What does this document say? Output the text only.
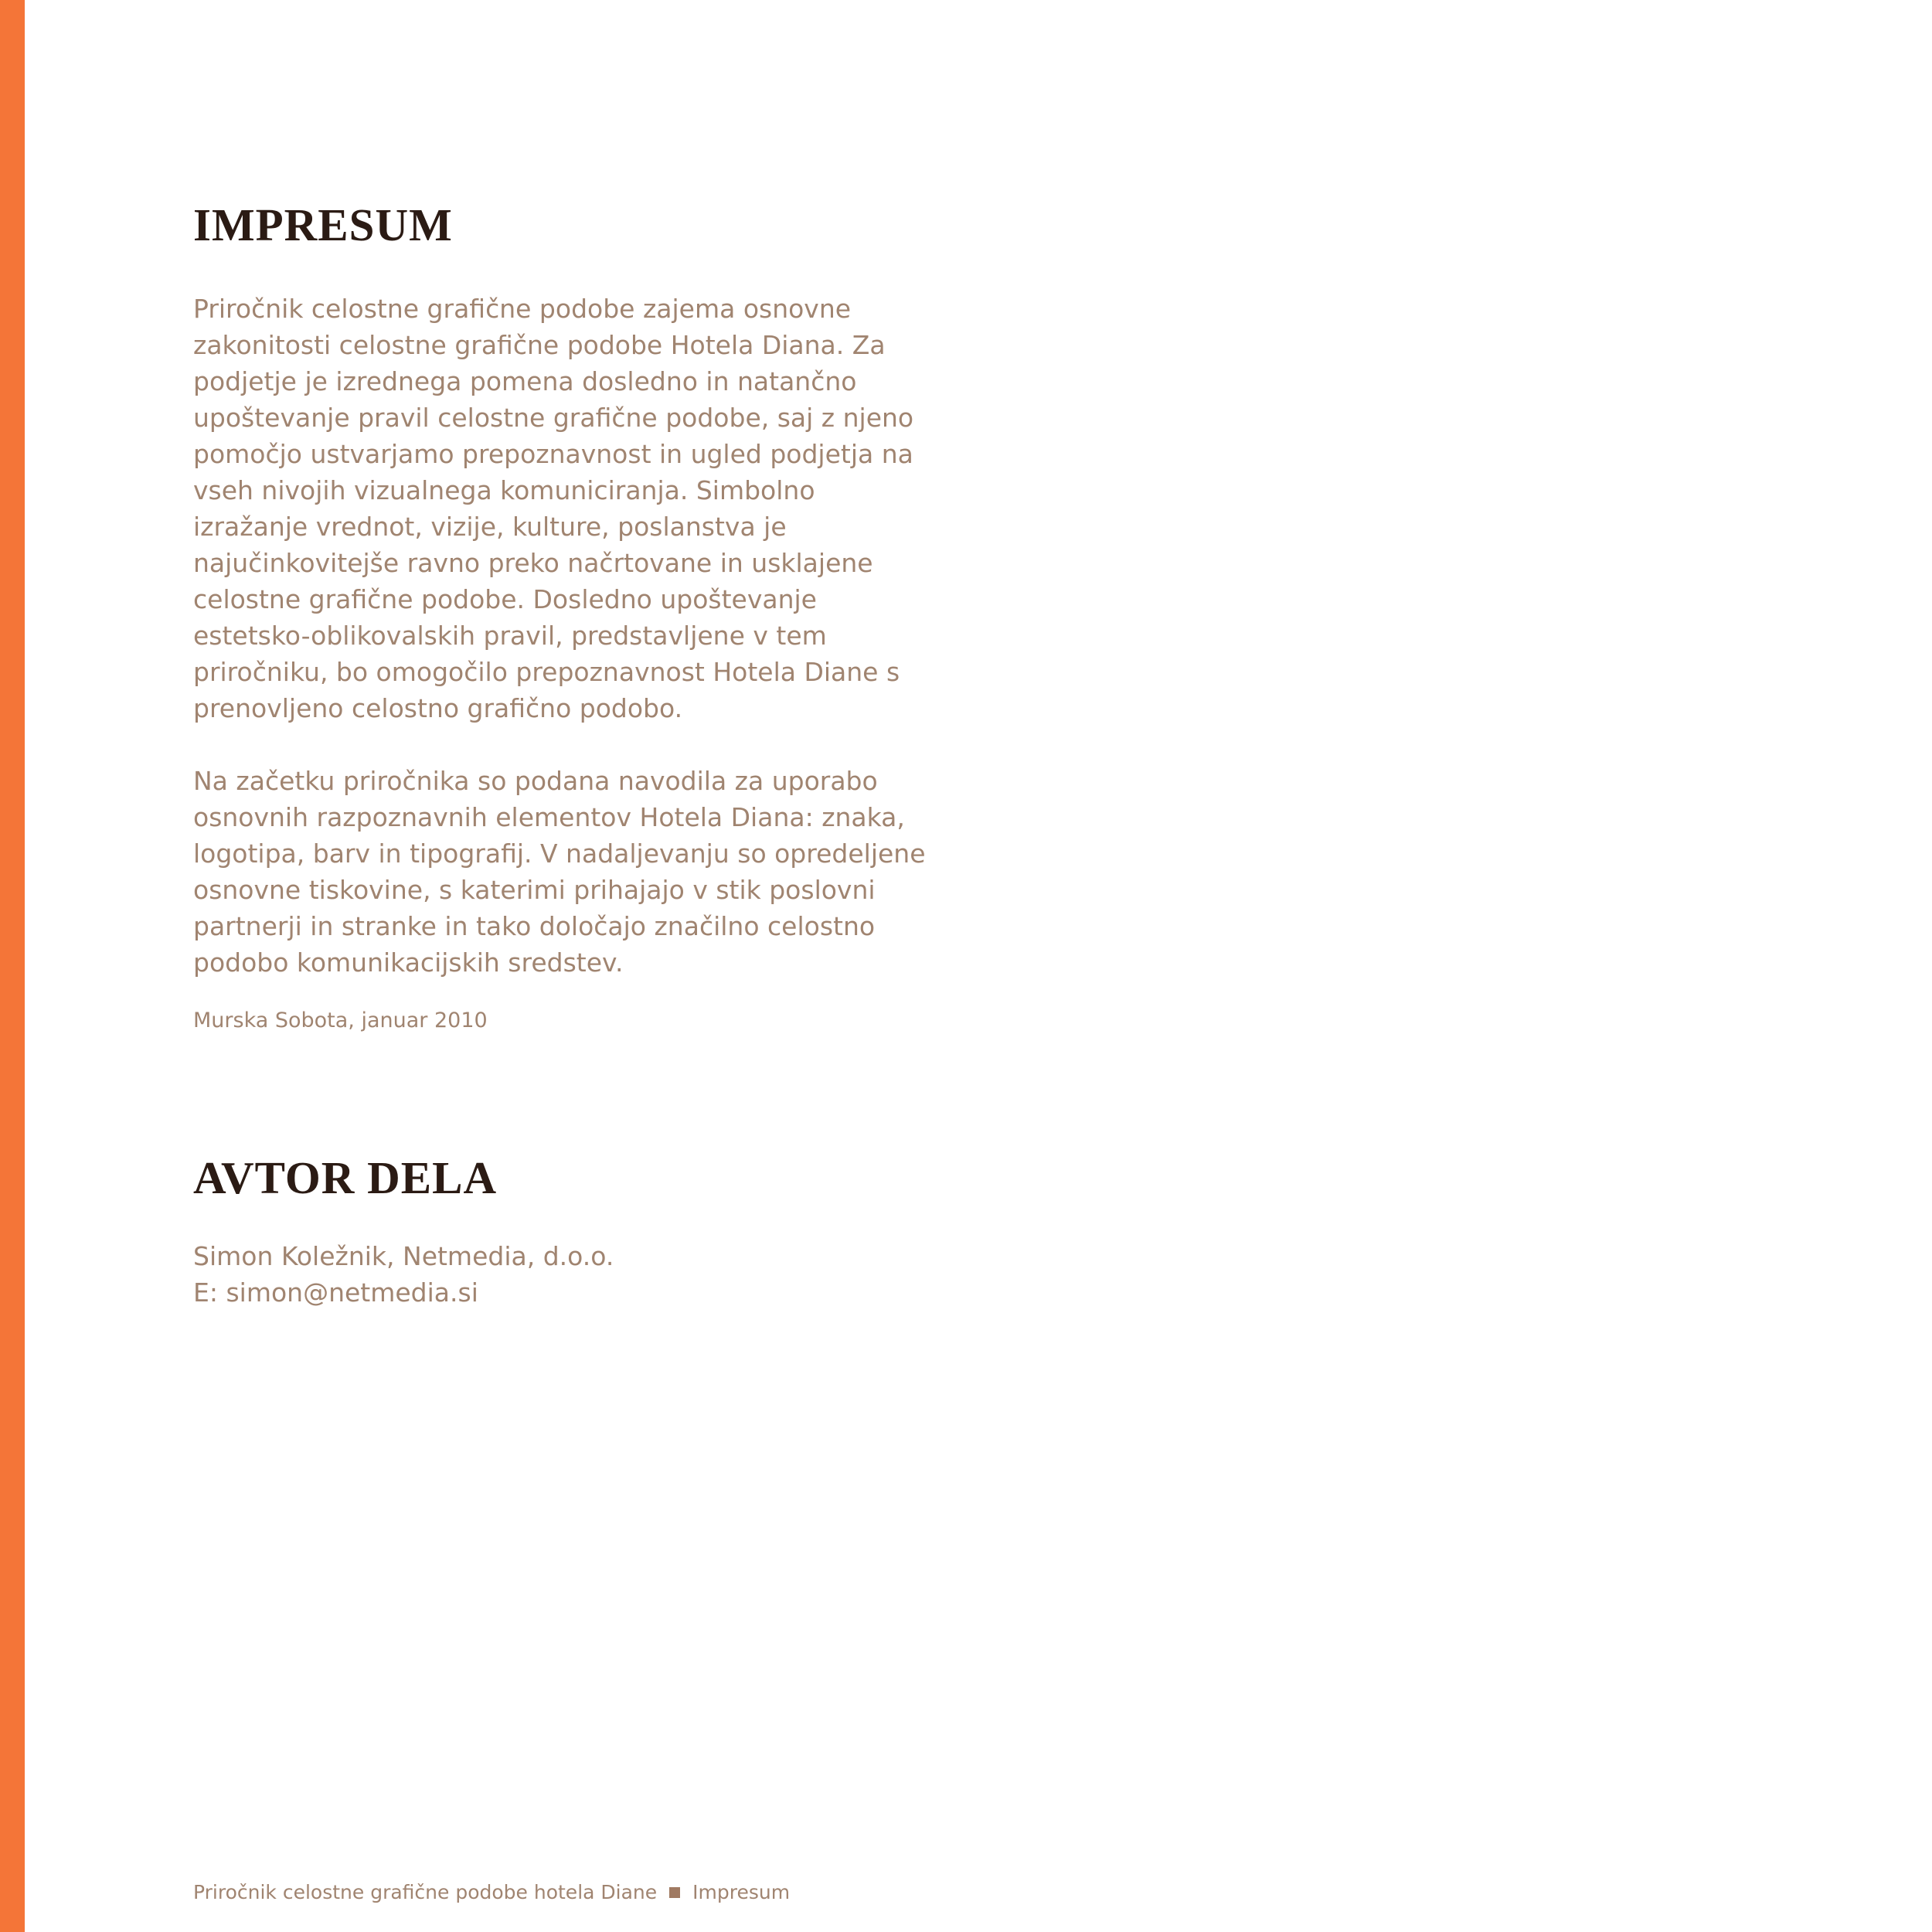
IMPRESUM

Priročnik celostne grafične podobe zajema osnovne zakonitosti celostne grafične podobe Hotela Diana. Za podjetje je izrednega pomena dosledno in natančno upoštevanje pravil celostne grafične podobe, saj z njeno pomočjo ustvarjamo prepoznavnost in ugled podjetja na vseh nivojih vizualnega komuniciranja. Simbolno izražanje vrednot, vizije, kulture, poslanstva je najučinkovitejše ravno preko načrtovane in usklajene celostne grafične podobe. Dosledno upoštevanje estetsko-oblikovalskih pravil, predstavljene v tem priročniku, bo omogočilo prepoznavnost Hotela Diane s prenovljeno celostno grafično podobo.

Na začetku priročnika so podana navodila za uporabo osnovnih razpoznavnih elementov Hotela Diana: znaka, logotipa, barv in tipografij. V nadaljevanju so opredeljene osnovne tiskovine, s katerimi prihajajo v stik poslovni partnerji in stranke in tako določajo značilno celostno podobo komunikacijskih sredstev.

Murska Sobota, januar 2010

AVTOR DELA

Simon Koležnik, Netmedia, d.o.o.

E: simon@netmedia.si

Priročnik celostne grafične podobe hotela Diane Impresum
